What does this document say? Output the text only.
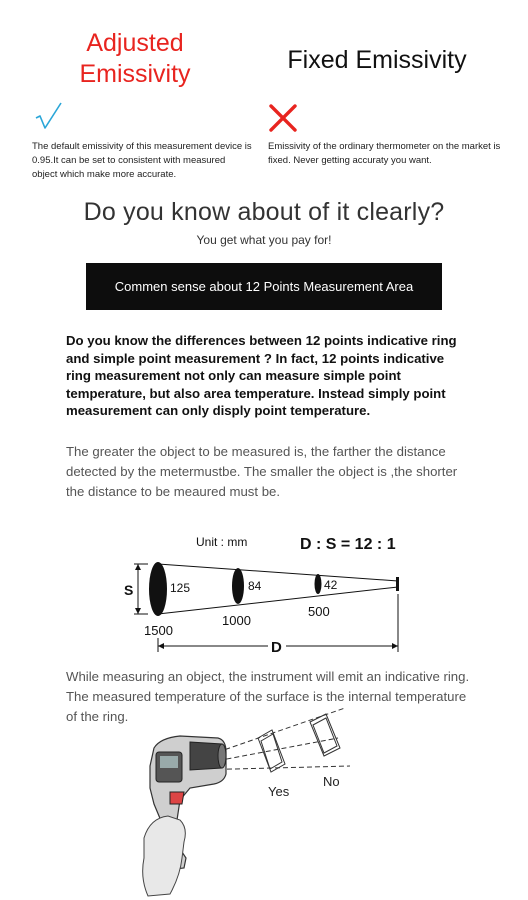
Adjusted
Emissivity	Fixed Emissivity
The default emissivity of this measurement device is 0.95.It can be set to consistent with measured object which make more accurate.
Emissivity of the ordinary thermometer on the market is fixed. Never getting accuraty you want.
Do you know about of it clearly?
You get what you pay for!
Commen sense about 12 Points Measurement Area
Do you know the differences between 12 points indicative ring and simple point measurement ? In fact, 12 points indicative ring measurement not only can measure simple point temperature, but also area temperature. Instead simply point measurement can only disply point temperature.
The greater the object to be measured is, the farther the distance detected by the metermustbe. The smaller the object is ,the shorter the distance to be meaured must be.
S	125	84	42
1500
1000
500
D
Unit : mm	D : S = 12 : 1
While measuring an object, the instrument will emit an indicative ring. The measured temperature of the surface is the internal temperature of the ring.
Yes
No
